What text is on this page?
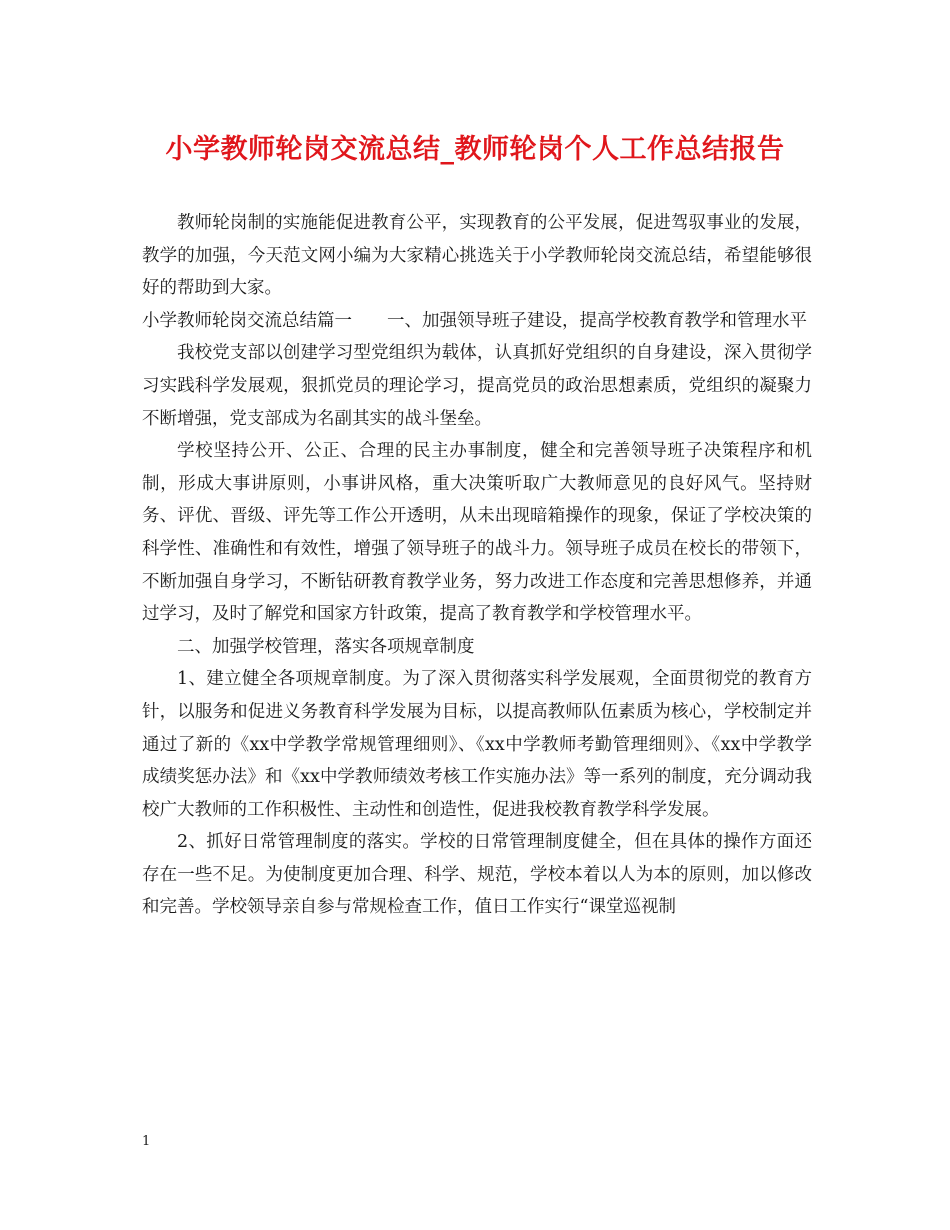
小学教师轮岗交流总结_教师轮岗个人工作总结报告

教师轮岗制的实施能促进教育公平，实现教育的公平发展，促进驾驭事业的发展，教学的加强，今天范文网小编为大家精心挑选关于小学教师轮岗交流总结，希望能够很好的帮助到大家。

小学教师轮岗交流总结篇一　　一、加强领导班子建设，提高学校教育教学和管理水平

我校党支部以创建学习型党组织为载体，认真抓好党组织的自身建设，深入贯彻学习实践科学发展观，狠抓党员的理论学习，提高党员的政治思想素质，党组织的凝聚力不断增强，党支部成为名副其实的战斗堡垒。

学校坚持公开、公正、合理的民主办事制度，健全和完善领导班子决策程序和机制，形成大事讲原则，小事讲风格，重大决策听取广大教师意见的良好风气。坚持财务、评优、晋级、评先等工作公开透明，从未出现暗箱操作的现象，保证了学校决策的科学性、准确性和有效性，增强了领导班子的战斗力。领导班子成员在校长的带领下，不断加强自身学习，不断钻研教育教学业务，努力改进工作态度和完善思想修养，并通过学习，及时了解党和国家方针政策，提高了教育教学和学校管理水平。

二、加强学校管理，落实各项规章制度

1、建立健全各项规章制度。为了深入贯彻落实科学发展观，全面贯彻党的教育方针，以服务和促进义务教育科学发展为目标，以提高教师队伍素质为核心，学校制定并通过了新的《xx中学教学常规管理细则》、《xx中学教师考勤管理细则》、《xx中学教学成绩奖惩办法》和《xx中学教师绩效考核工作实施办法》等一系列的制度，充分调动我校广大教师的工作积极性、主动性和创造性，促进我校教育教学科学发展。

2、抓好日常管理制度的落实。学校的日常管理制度健全，但在具体的操作方面还存在一些不足。为使制度更加合理、科学、规范，学校本着以人为本的原则，加以修改和完善。学校领导亲自参与常规检查工作，值日工作实行“课堂巡视制

1
